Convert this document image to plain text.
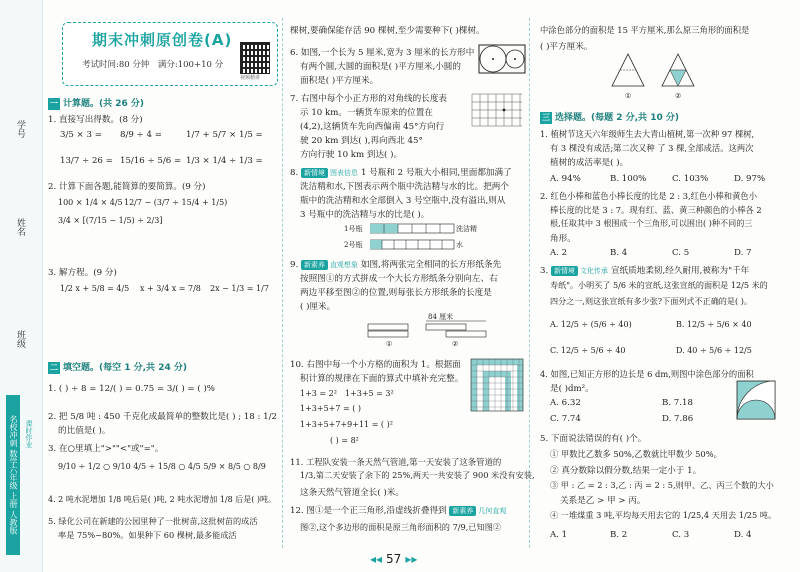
学号
姓名
班级
名校冲刺 数学六年级 上册 人教版	课时作业
期末冲刺原创卷(A)
考试时间:80 分钟　满分:100+10 分
视频精讲
一 计算题。(共 26 分)
1. 直接写出得数。(8 分)
3/5 × 3 = 8/9 ÷ 4 =	1/7 + 5/7 × 1/5 =
13/7 ÷ 26 = 15/16 ÷ 5/6 = 1/3 × 1/4 ÷ 1/3 =
2. 计算下面各题,能简算的要简算。(9 分)
100 × 1/4 × 4/5 12/7 − (3/7 ÷ 15/4 + 1/5)
3/4 × [(7/15 − 1/5) ÷ 2/3]
3. 解方程。(9 分)
1/2 x + 5/8 = 4/5 x + 3/4 x = 7/8 2x − 1/3 = 1/7
二 填空题。(每空 1 分,共 24 分)
1. ( ) ÷ 8 = 12/( ) = 0.75 = 3/( ) = ( )%
2. 把 5/8 吨 : 450 千克化成最简单的整数比是( ) ; 18 : 1/2
的比值是( )。
3. 在○里填上">""<"或"="。
9/10 ÷ 1/2 ○ 9/10 4/5 ÷ 15/8 ○ 4/5 5/9 × 8/5 ○ 8/9
4. 2 吨水泥增加 1/8 吨后是( )吨, 2 吨水泥增加 1/8 后是( )吨。
5. 绿化公司在新建的公园里种了一批树苗,这批树苗的成活
率是 75%~80%。如果种下 60 棵树,最多能成活
棵树,要确保能存活 90 棵树,至少需要种下( )棵树。
6. 如图,一个长为 5 厘米,宽为 3 厘米的长方形中
有两个圆,大圆的面积是( )平方厘米,小圆的
面积是( )平方厘米。
7. 右图中每个小正方形的对角线的长度表
示 10 km。一辆货车原来的位置在
(4,2),这辆货车先向西偏南 45°方向行
驶 20 km 到达( ),再向西北 45°
方向行驶 10 km 到达( )。
8. 新情境 图表信息 1 号瓶和 2 号瓶大小相同,里面都加满了
洗洁精和水,下图表示两个瓶中洗洁精与水的比。把两个
瓶中的洗洁精和水全部倒入 3 号空瓶中,没有溢出,则从
3 号瓶中的洗洁精与水的比是( )。
1号瓶
2号瓶
洗洁精
水
9. 新素养 直观想象 如图,将两张完全相同的长方形纸条先
按照图①的方式拼成一个大长方形纸条分别向左、右
两边平移至图②的位置,则每张长方形纸条的长度是
( )厘米。
84 厘米
①	②
10. 右图中每一个小方格的面积为 1。根据面
积计算的规律在下面的算式中填补充完整。
1+3 = 2²　1+3+5 = 3²
1+3+5+7 = ( )
1+3+5+7+9+11 = ( )²
( ) = 8²
11. 工程队安装一条天然气管道,第一天安装了这条管道的
1/3,第二天安装了余下的 25%,两天一共安装了 900 米没有安装,
这条天然气管道全长( )米。
12. 图①是一个正三角形,沿虚线折叠得到 新素养 几何直观
图②,这个多边形的面积是原三角形面积的 7/9,已知图②
中涂色部分的面积是 15 平方厘米,那么原三角形的面积是
( )平方厘米。
①	②
三 选择题。(每题 2 分,共 10 分)
1. 植树节这天六年级师生去大青山植树,第一次种 97 棵树,
有 3 棵没有成活;第二次又种 了 3 棵,全部成活。这两次
植树的成活率是( )。
A. 94%	B. 100%	C. 103%	D. 97%
2. 红色小棒和蓝色小棒长度的比是 2 : 3,红色小棒和黄色小
棒长度的比是 3 : 7。现有红、蓝、黄三种颜色的小棒各 2
根,任取其中 3 根围成一个三角形,可以围出( )种不同的三
角形。
A. 2	B. 4	C. 5	D. 7
3. 新情境 文化传承 宣纸质地柔韧,经久耐用,被称为"千年
寿纸"。小明买了 5/6 米的宣纸,这张宣纸的面积是 12/5 米的
四分之一,则这张宣纸有多少张?下面列式不正确的是( )。
A. 12/5 ÷ (5/6 ÷ 40)	B. 12/5 ÷ 5/6 × 40
C. 12/5 ÷ 5/6 ÷ 40	D. 40 ÷ 5/6 ÷ 12/5
4. 如图,已知正方形的边长是 6 dm,则图中涂色部分的面积
是( )dm²。
A. 6.32	B. 7.18
C. 7.74	D. 7.86
5. 下面说法错误的有( )个。
① 甲数比乙数多 50%,乙数就比甲数少 50%。
② 真分数除以假分数,结果一定小于 1。
③ 甲 : 乙 = 2 : 3,乙 : 丙 = 2 : 5,则甲、乙、丙三个数的大小
关系是乙 > 甲 > 丙。
④ 一堆煤重 3 吨,平均每天用去它的 1/25,4 天用去 1/25 吨。
A. 1	B. 2	C. 3	D. 4
◂◂ 57 ▸▸
